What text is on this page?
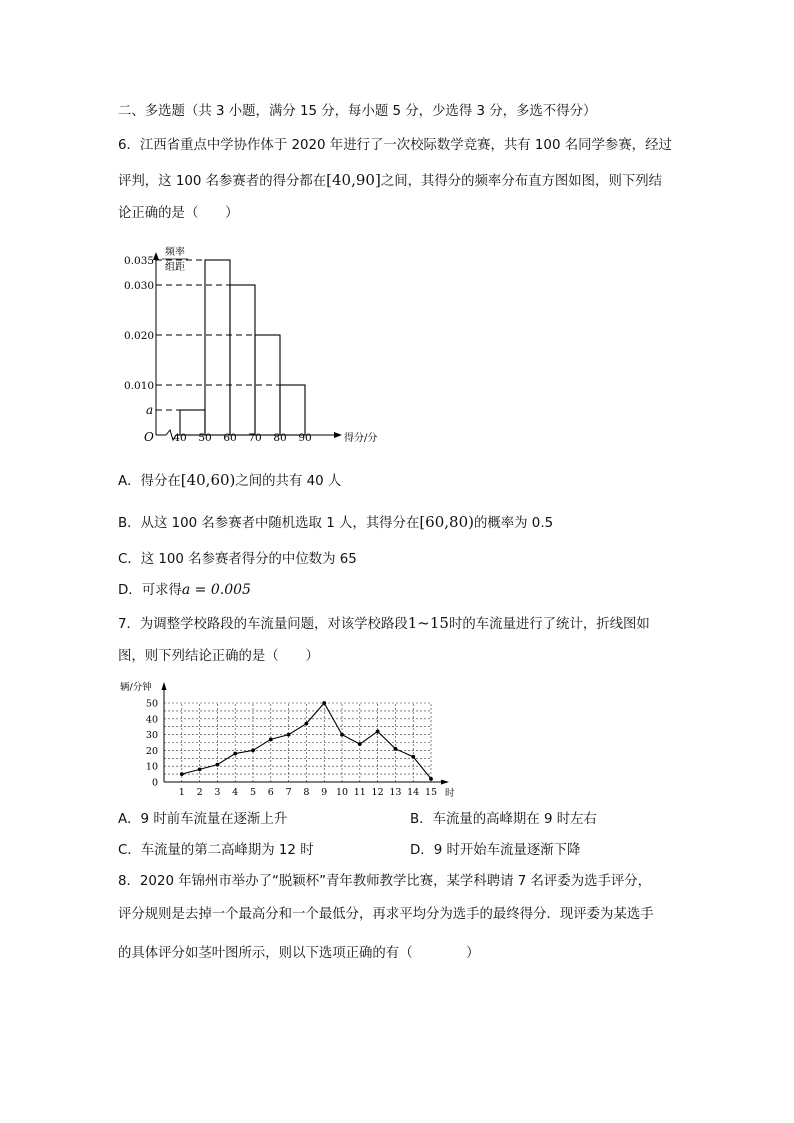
二、多选题（共 3 小题，满分 15 分，每小题 5 分，少选得 3 分，多选不得分）
6．江西省重点中学协作体于 2020 年进行了一次校际数学竞赛，共有 100 名同学参赛，经过
评判，这 100 名参赛者的得分都在[40,90]之间，其得分的频率分布直方图如图，则下列结
论正确的是（　　）
频率
组距
得分/分
O
a
0.010
0.020
0.030
0.035
40 50 60 70 80 90
A．得分在[40,60)之间的共有 40 人
B．从这 100 名参赛者中随机选取 1 人，其得分在[60,80)的概率为 0.5
C．这 100 名参赛者得分的中位数为 65
D．可求得a = 0.005
7．为调整学校路段的车流量问题，对该学校路段1~15时的车流量进行了统计，折线图如
图，则下列结论正确的是（　　）
辆/分钟
时
0
10
20
30
40
50
1 2 3 4 5 6 7 8 9 10 11 12 13 14 15
A．9 时前车流量在逐渐上升	B．车流量的高峰期在 9 时左右
C．车流量的第二高峰期为 12 时	D．9 时开始车流量逐渐下降
8．2020 年锦州市举办了“脱颖杯”青年教师教学比赛，某学科聘请 7 名评委为选手评分，
评分规则是去掉一个最高分和一个最低分，再求平均分为选手的最终得分．现评委为某选手
的具体评分如茎叶图所示，则以下选项正确的有（　　　　）
